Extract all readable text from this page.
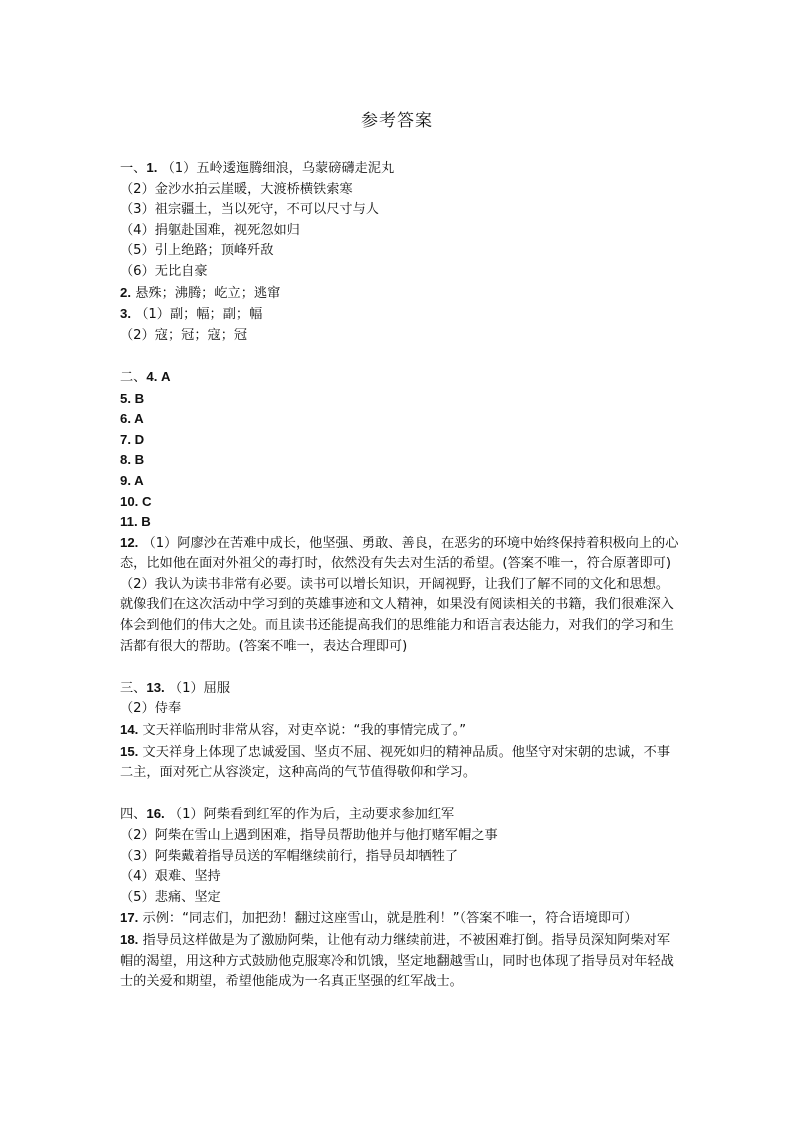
参考答案
一、1. （1）五岭逶迤腾细浪，乌蒙磅礴走泥丸
（2）金沙水拍云崖暖，大渡桥横铁索寒
（3）祖宗疆土，当以死守，不可以尺寸与人
（4）捐躯赴国难，视死忽如归
（5）引上绝路；顶峰歼敌
（6）无比自豪
2. 悬殊；沸腾；屹立；逃窜
3. （1）副；幅；副；幅
（2）寇；冠；寇；冠
二、4. A
5. B
6. A
7. D
8. B
9. A
10. C
11. B
12. （1）阿廖沙在苦难中成长，他坚强、勇敢、善良，在恶劣的环境中始终保持着积极向上的心态，比如他在面对外祖父的毒打时，依然没有失去对生活的希望。(答案不唯一，符合原著即可)
（2）我认为读书非常有必要。读书可以增长知识，开阔视野，让我们了解不同的文化和思想。就像我们在这次活动中学习到的英雄事迹和文人精神，如果没有阅读相关的书籍，我们很难深入体会到他们的伟大之处。而且读书还能提高我们的思维能力和语言表达能力，对我们的学习和生活都有很大的帮助。(答案不唯一，表达合理即可)
三、13. （1）屈服
（2）侍奉
14. 文天祥临刑时非常从容，对吏卒说：“我的事情完成了。”
15. 文天祥身上体现了忠诚爱国、坚贞不屈、视死如归的精神品质。他坚守对宋朝的忠诚，不事二主，面对死亡从容淡定，这种高尚的气节值得敬仰和学习。
四、16. （1）阿柴看到红军的作为后，主动要求参加红军
（2）阿柴在雪山上遇到困难，指导员帮助他并与他打赌军帽之事
（3）阿柴戴着指导员送的军帽继续前行，指导员却牺牲了
（4）艰难、坚持
（5）悲痛、坚定
17. 示例：“同志们，加把劲！翻过这座雪山，就是胜利！”（答案不唯一，符合语境即可）
18. 指导员这样做是为了激励阿柴，让他有动力继续前进，不被困难打倒。指导员深知阿柴对军帽的渴望，用这种方式鼓励他克服寒冷和饥饿，坚定地翻越雪山，同时也体现了指导员对年轻战士的关爱和期望，希望他能成为一名真正坚强的红军战士。
